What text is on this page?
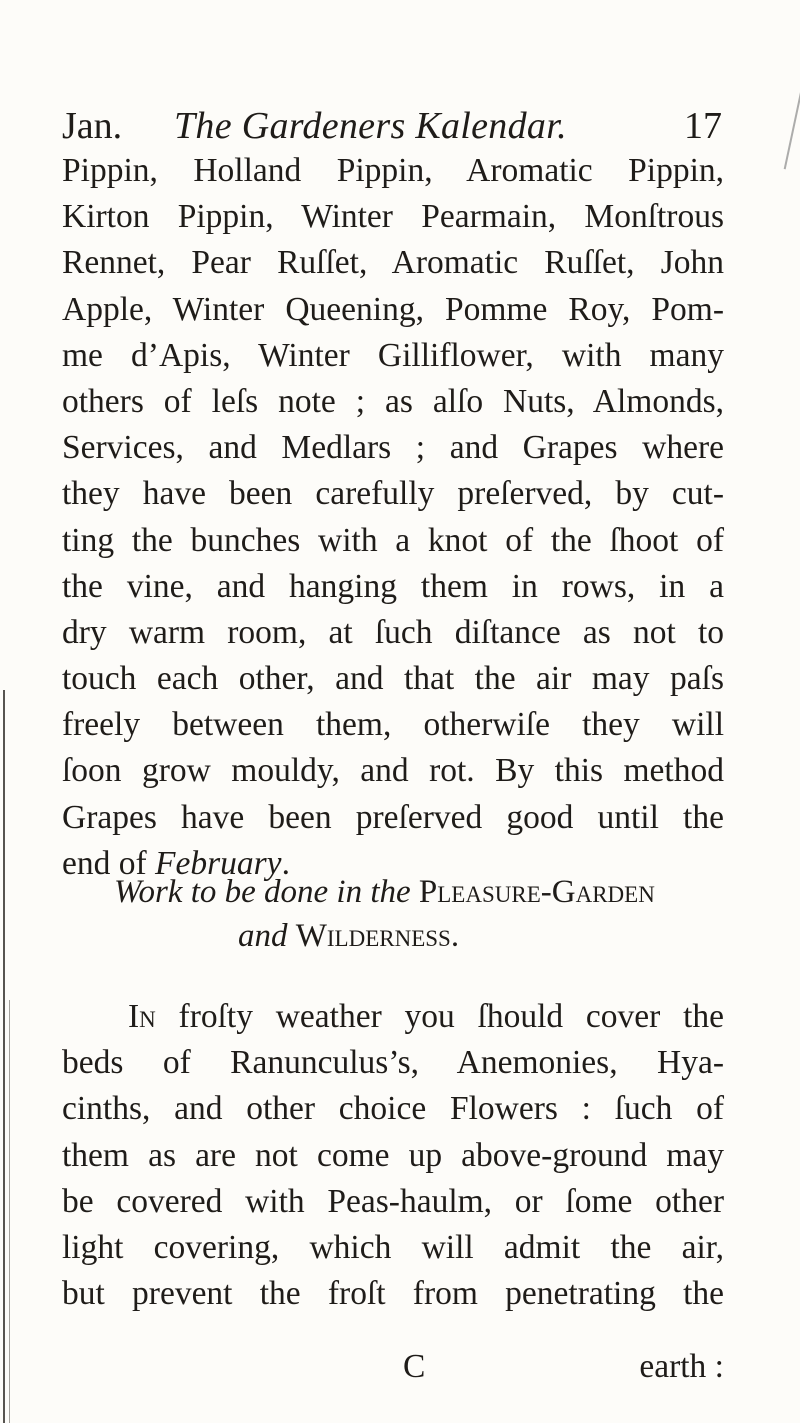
Jan. The Gardeners Kalendar.	17
Pippin, Holland Pippin, Aromatic Pippin,
Kirton Pippin, Winter Pearmain, Monſtrous
Rennet, Pear Ruſſet, Aromatic Ruſſet, John
Apple, Winter Queening, Pomme Roy, Pom-
me d’Apis, Winter Gilliflower, with many
others of leſs note ; as alſo Nuts, Almonds,
Services, and Medlars ; and Grapes where
they have been carefully preſerved, by cut-
ting the bunches with a knot of the ſhoot of
the vine, and hanging them in rows, in a
dry warm room, at ſuch diſtance as not to
touch each other, and that the air may paſs
freely between them, otherwiſe they will
ſoon grow mouldy, and rot. By this method
Grapes have been preſerved good until the
end of February.
Work to be done in the Pleasure-Garden
and Wilderness.
In froſty weather you ſhould cover the
beds of Ranunculus’s, Anemonies, Hya-
cinths, and other choice Flowers : ſuch of
them as are not come up above-ground may
be covered with Peas-haulm, or ſome other
light covering, which will admit the air,
but prevent the froſt from penetrating the
C	earth :
